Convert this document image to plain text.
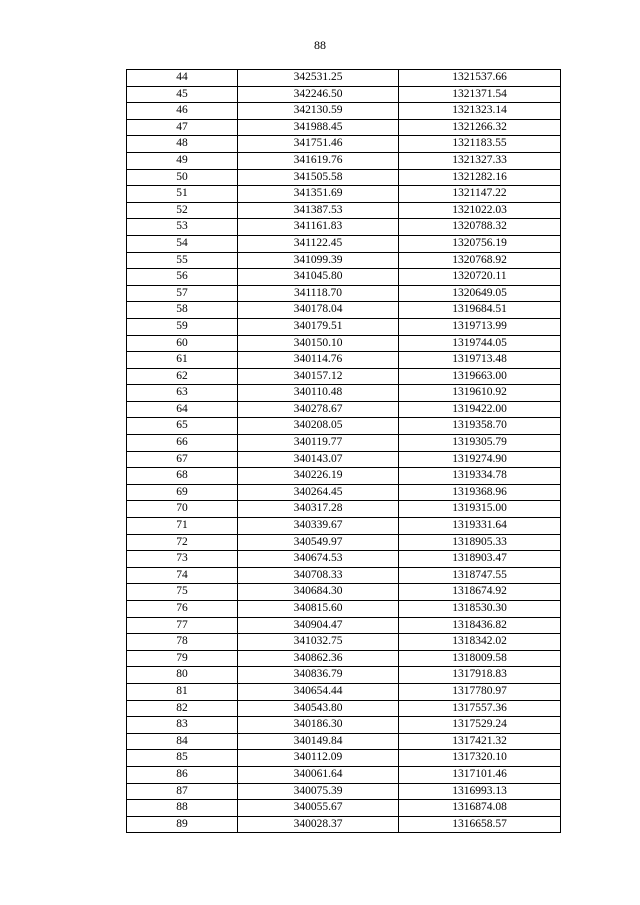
88
44	342531.25	1321537.66
45	342246.50	1321371.54
46	342130.59	1321323.14
47	341988.45	1321266.32
48	341751.46	1321183.55
49	341619.76	1321327.33
50	341505.58	1321282.16
51	341351.69	1321147.22
52	341387.53	1321022.03
53	341161.83	1320788.32
54	341122.45	1320756.19
55	341099.39	1320768.92
56	341045.80	1320720.11
57	341118.70	1320649.05
58	340178.04	1319684.51
59	340179.51	1319713.99
60	340150.10	1319744.05
61	340114.76	1319713.48
62	340157.12	1319663.00
63	340110.48	1319610.92
64	340278.67	1319422.00
65	340208.05	1319358.70
66	340119.77	1319305.79
67	340143.07	1319274.90
68	340226.19	1319334.78
69	340264.45	1319368.96
70	340317.28	1319315.00
71	340339.67	1319331.64
72	340549.97	1318905.33
73	340674.53	1318903.47
74	340708.33	1318747.55
75	340684.30	1318674.92
76	340815.60	1318530.30
77	340904.47	1318436.82
78	341032.75	1318342.02
79	340862.36	1318009.58
80	340836.79	1317918.83
81	340654.44	1317780.97
82	340543.80	1317557.36
83	340186.30	1317529.24
84	340149.84	1317421.32
85	340112.09	1317320.10
86	340061.64	1317101.46
87	340075.39	1316993.13
88	340055.67	1316874.08
89	340028.37	1316658.57
